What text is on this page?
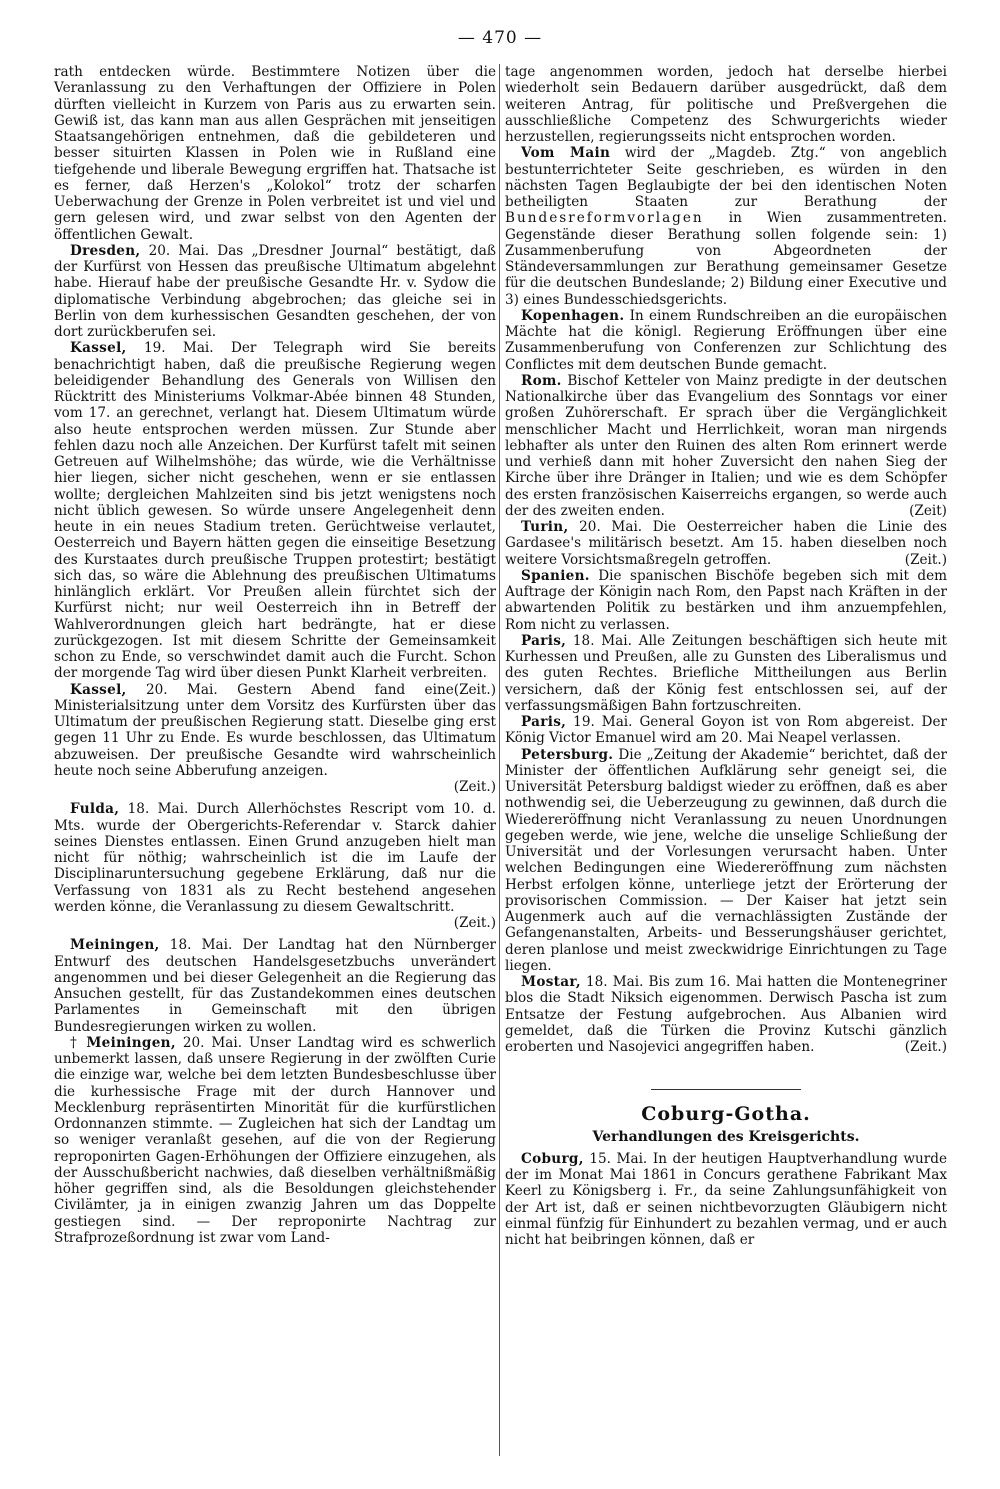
— 470 —

rath entdecken würde. Bestimmtere Notizen über die Veranlassung zu den Verhaftungen der Offiziere in Polen dürften vielleicht in Kurzem von Paris aus zu erwarten sein. Gewiß ist, das kann man aus allen Gesprächen mit jenseitigen Staatsangehörigen entnehmen, daß die gebildeteren und besser situirten Klassen in Polen wie in Rußland eine tiefgehende und liberale Bewegung ergriffen hat. Thatsache ist es ferner, daß Herzen's „Kolokol“ trotz der scharfen Ueberwachung der Grenze in Polen verbreitet ist und viel und gern gelesen wird, und zwar selbst von den Agenten der öffentlichen Gewalt.

Dresden, 20. Mai. Das „Dresdner Journal“ bestätigt, daß der Kurfürst von Hessen das preußische Ultimatum abgelehnt habe. Hierauf habe der preußische Gesandte Hr. v. Sydow die diplomatische Verbindung abgebrochen; das gleiche sei in Berlin von dem kurhessischen Gesandten geschehen, der von dort zurückberufen sei.

Kassel, 19. Mai. Der Telegraph wird Sie bereits benachrichtigt haben, daß die preußische Regierung wegen beleidigender Behandlung des Generals von Willisen den Rücktritt des Ministeriums Volkmar-Abée binnen 48 Stunden, vom 17. an gerechnet, verlangt hat. Diesem Ultimatum würde also heute entsprochen werden müssen. Zur Stunde aber fehlen dazu noch alle Anzeichen. Der Kurfürst tafelt mit seinen Getreuen auf Wilhelmshöhe; das würde, wie die Verhältnisse hier liegen, sicher nicht geschehen, wenn er sie entlassen wollte; dergleichen Mahlzeiten sind bis jetzt wenigstens noch nicht üblich gewesen. So würde unsere Angelegenheit denn heute in ein neues Stadium treten. Gerüchtweise verlautet, Oesterreich und Bayern hätten gegen die einseitige Besetzung des Kurstaates durch preußische Truppen protestirt; bestätigt sich das, so wäre die Ablehnung des preußischen Ultimatums hinlänglich erklärt. Vor Preußen allein fürchtet sich der Kurfürst nicht; nur weil Oesterreich ihn in Betreff der Wahlverordnungen gleich hart bedrängte, hat er diese zurückgezogen. Ist mit diesem Schritte der Gemeinsamkeit schon zu Ende, so verschwindet damit auch die Furcht. Schon der morgende Tag wird über diesen Punkt Klarheit verbreiten.
(Zeit.)

Kassel, 20. Mai. Gestern Abend fand eine Ministerialsitzung unter dem Vorsitz des Kurfürsten über das Ultimatum der preußischen Regierung statt. Dieselbe ging erst gegen 11 Uhr zu Ende. Es wurde beschlossen, das Ultimatum abzuweisen. Der preußische Gesandte wird wahrscheinlich heute noch seine Abberufung anzeigen.
(Zeit.)

Fulda, 18. Mai. Durch Allerhöchstes Rescript vom 10. d. Mts. wurde der Obergerichts-Referendar v. Starck dahier seines Dienstes entlassen. Einen Grund anzugeben hielt man nicht für nöthig; wahrscheinlich ist die im Laufe der Disciplinaruntersuchung gegebene Erklärung, daß nur die Verfassung von 1831 als zu Recht bestehend angesehen werden könne, die Veranlassung zu diesem Gewaltschritt.
(Zeit.)

Meiningen, 18. Mai. Der Landtag hat den Nürnberger Entwurf des deutschen Handelsgesetzbuchs unverändert angenommen und bei dieser Gelegenheit an die Regierung das Ansuchen gestellt, für das Zustandekommen eines deutschen Parlamentes in Gemeinschaft mit den übrigen Bundesregierungen wirken zu wollen.

† Meiningen, 20. Mai. Unser Landtag wird es schwerlich unbemerkt lassen, daß unsere Regierung in der zwölften Curie die einzige war, welche bei dem letzten Bundesbeschlusse über die kurhessische Frage mit der durch Hannover und Mecklenburg repräsentirten Minorität für die kurfürstlichen Ordonnanzen stimmte. — Zugleichen hat sich der Landtag um so weniger veranlaßt gesehen, auf die von der Regierung reproponirten Gagen-Erhöhungen der Offiziere einzugehen, als der Ausschußbericht nachwies, daß dieselben verhältnißmäßig höher gegriffen sind, als die Besoldungen gleichstehender Civilämter, ja in einigen zwanzig Jahren um das Doppelte gestiegen sind. — Der reproponirte Nachtrag zur Strafprozeßordnung ist zwar vom Land-

tage angenommen worden, jedoch hat derselbe hierbei wiederholt sein Bedauern darüber ausgedrückt, daß dem weiteren Antrag, für politische und Preßvergehen die ausschließliche Competenz des Schwurgerichts wieder herzustellen, regierungsseits nicht entsprochen worden.

Vom Main wird der „Magdeb. Ztg.“ von angeblich bestunterrichteter Seite geschrieben, es würden in den nächsten Tagen Beglaubigte der bei den identischen Noten betheiligten Staaten zur Berathung der Bundesreformvorlagen in Wien zusammentreten. Gegenstände dieser Berathung sollen folgende sein: 1) Zusammenberufung von Abgeordneten der Ständeversammlungen zur Berathung gemeinsamer Gesetze für die deutschen Bundeslande; 2) Bildung einer Executive und 3) eines Bundesschiedsgerichts.

Kopenhagen. In einem Rundschreiben an die europäischen Mächte hat die königl. Regierung Eröffnungen über eine Zusammenberufung von Conferenzen zur Schlichtung des Conflictes mit dem deutschen Bunde gemacht.

Rom. Bischof Ketteler von Mainz predigte in der deutschen Nationalkirche über das Evangelium des Sonntags vor einer großen Zuhörerschaft. Er sprach über die Vergänglichkeit menschlicher Macht und Herrlichkeit, woran man nirgends lebhafter als unter den Ruinen des alten Rom erinnert werde und verhieß dann mit hoher Zuversicht den nahen Sieg der Kirche über ihre Dränger in Italien; und wie es dem Schöpfer des ersten französischen Kaiserreichs ergangen, so werde auch der des zweiten enden.	(Zeit)

Turin, 20. Mai. Die Oesterreicher haben die Linie des Gardasee's militärisch besetzt. Am 15. haben dieselben noch weitere Vorsichtsmaßregeln getroffen.	(Zeit.)

Spanien. Die spanischen Bischöfe begeben sich mit dem Auftrage der Königin nach Rom, den Papst nach Kräften in der abwartenden Politik zu bestärken und ihm anzuempfehlen, Rom nicht zu verlassen.

Paris, 18. Mai. Alle Zeitungen beschäftigen sich heute mit Kurhessen und Preußen, alle zu Gunsten des Liberalismus und des guten Rechtes. Briefliche Mittheilungen aus Berlin versichern, daß der König fest entschlossen sei, auf der verfassungsmäßigen Bahn fortzuschreiten.

Paris, 19. Mai. General Goyon ist von Rom abgereist. Der König Victor Emanuel wird am 20. Mai Neapel verlassen.

Petersburg. Die „Zeitung der Akademie“ berichtet, daß der Minister der öffentlichen Aufklärung sehr geneigt sei, die Universität Petersburg baldigst wieder zu eröffnen, daß es aber nothwendig sei, die Ueberzeugung zu gewinnen, daß durch die Wiedereröffnung nicht Veranlassung zu neuen Unordnungen gegeben werde, wie jene, welche die unselige Schließung der Universität und der Vorlesungen verursacht haben. Unter welchen Bedingungen eine Wiedereröffnung zum nächsten Herbst erfolgen könne, unterliege jetzt der Erörterung der provisorischen Commission. — Der Kaiser hat jetzt sein Augenmerk auch auf die vernachlässigten Zustände der Gefangenanstalten, Arbeits- und Besserungshäuser gerichtet, deren planlose und meist zweckwidrige Einrichtungen zu Tage liegen.

Mostar, 18. Mai. Bis zum 16. Mai hatten die Montenegriner blos die Stadt Niksich eigenommen. Derwisch Pascha ist zum Entsatze der Festung aufgebrochen. Aus Albanien wird gemeldet, daß die Türken die Provinz Kutschi gänzlich eroberten und Nasojevici angegriffen haben.	(Zeit.)

Coburg-Gotha.
Verhandlungen des Kreisgerichts.

Coburg, 15. Mai. In der heutigen Hauptverhandlung wurde der im Monat Mai 1861 in Concurs gerathene Fabrikant Max Keerl zu Königsberg i. Fr., da seine Zahlungsunfähigkeit von der Art ist, daß er seinen nichtbevorzugten Gläubigern nicht einmal fünfzig für Einhundert zu bezahlen vermag, und er auch nicht hat beibringen können, daß er
